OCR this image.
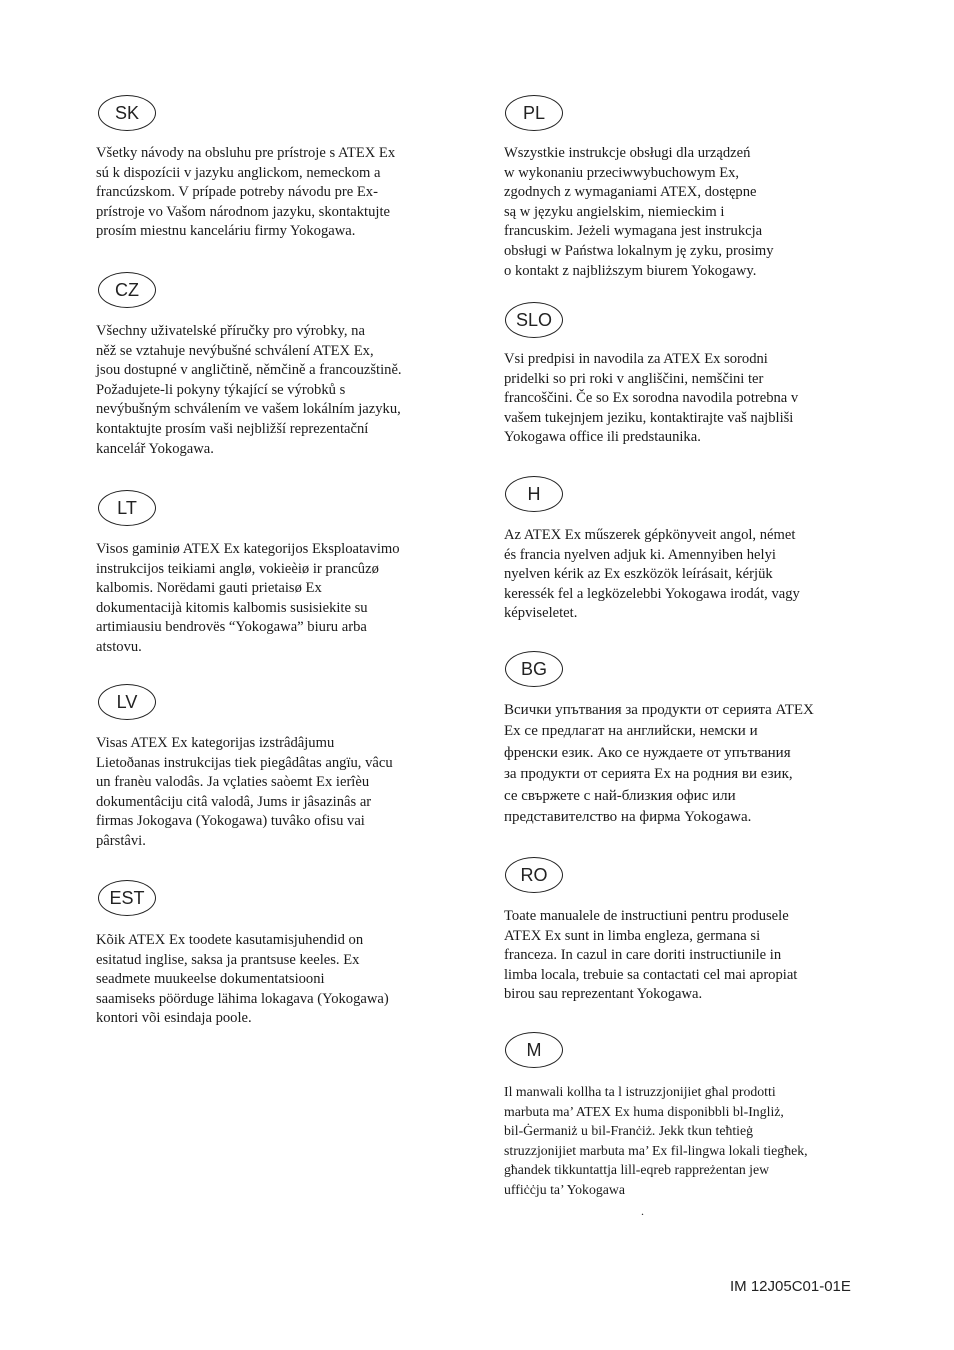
SK
Všetky návody na obsluhu pre prístroje s ATEX Ex
sú k dispozícii v jazyku anglickom, nemeckom a
francúzskom. V prípade potreby návodu pre Ex-
prístroje vo Vašom národnom jazyku, skontaktujte
prosím miestnu kanceláriu firmy Yokogawa.
CZ
Všechny uživatelské příručky pro výrobky, na
něž se vztahuje nevýbušné schválení ATEX Ex,
jsou dostupné v angličtině, němčině a francouzštině.
Požadujete-li pokyny týkající se výrobků s
nevýbušným schválením ve vašem lokálním jazyku,
kontaktujte prosím vaši nejbližší reprezentační
kancelář Yokogawa.
LT
Visos gaminiø ATEX Ex kategorijos Eksploatavimo
instrukcijos teikiami anglø, vokieèiø ir prancûzø
kalbomis. Norëdami gauti prietaisø Ex
dokumentacijà kitomis kalbomis susisiekite su
artimiausiu bendrovës “Yokogawa” biuru arba
atstovu.
LV
Visas ATEX Ex kategorijas izstrâdâjumu
Lietoðanas instrukcijas tiek piegâdâtas angïu, vâcu
un franèu valodâs. Ja vçlaties saòemt Ex ierîèu
dokumentâciju citâ valodâ, Jums ir jâsazinâs ar
firmas Jokogava (Yokogawa) tuvâko ofisu vai
pârstâvi.
EST
Kõik ATEX Ex toodete kasutamisjuhendid on
esitatud inglise, saksa ja prantsuse keeles. Ex
seadmete muukeelse dokumentatsiooni
saamiseks pöörduge lähima lokagava (Yokogawa)
kontori või esindaja poole.
PL
Wszystkie instrukcje obsługi dla urządzeń
w wykonaniu przeciwwybuchowym Ex,
zgodnych z wymaganiami ATEX, dostępne
są w języku angielskim, niemieckim i
francuskim. Jeżeli wymagana jest instrukcja
obsługi w Państwa lokalnym ję zyku, prosimy
o kontakt z najbliższym biurem Yokogawy.
SLO
Vsi predpisi in navodila za ATEX Ex sorodni
pridelki so pri roki v angliščini, nemščini ter
francoščini. Če so Ex sorodna navodila potrebna v
vašem tukejnjem jeziku, kontaktirajte vaš najbliši
Yokogawa office ili predstaunika.
H
Az ATEX Ex műszerek gépkönyveit angol, német
és francia nyelven adjuk ki. Amennyiben helyi
nyelven kérik az Ex eszközök leírásait, kérjük
keressék fel a legközelebbi Yokogawa irodát, vagy
képviseletet.
BG
Всички упътвания за продукти от серията ATEX
Ex се предлагат на английски, немски и
френски език. Ако се нуждаете от упътвания
за продукти от серията Ex на родния ви език,
се свържете с най-близкия офис или
представителство на фирма Yokogawa.
RO
Toate manualele de instructiuni pentru produsele
ATEX Ex sunt in limba engleza, germana si
franceza. In cazul in care doriti instructiunile in
limba locala, trebuie sa contactati cel mai apropiat
birou sau reprezentant Yokogawa.
M
Il manwali kollha ta l istruzzjonijiet għal prodotti
marbuta ma’ ATEX Ex huma disponibbli bl-Ingliż,
bil-Ġermaniż u bil-Franċiż. Jekk tkun teħtieġ
struzzjonijiet marbuta ma’ Ex fil-lingwa lokali tiegħek,
għandek tikkuntattja lill-eqreb rappreżentan jew
uffiċċju ta’ Yokogawa
.
IM 12J05C01-01E
